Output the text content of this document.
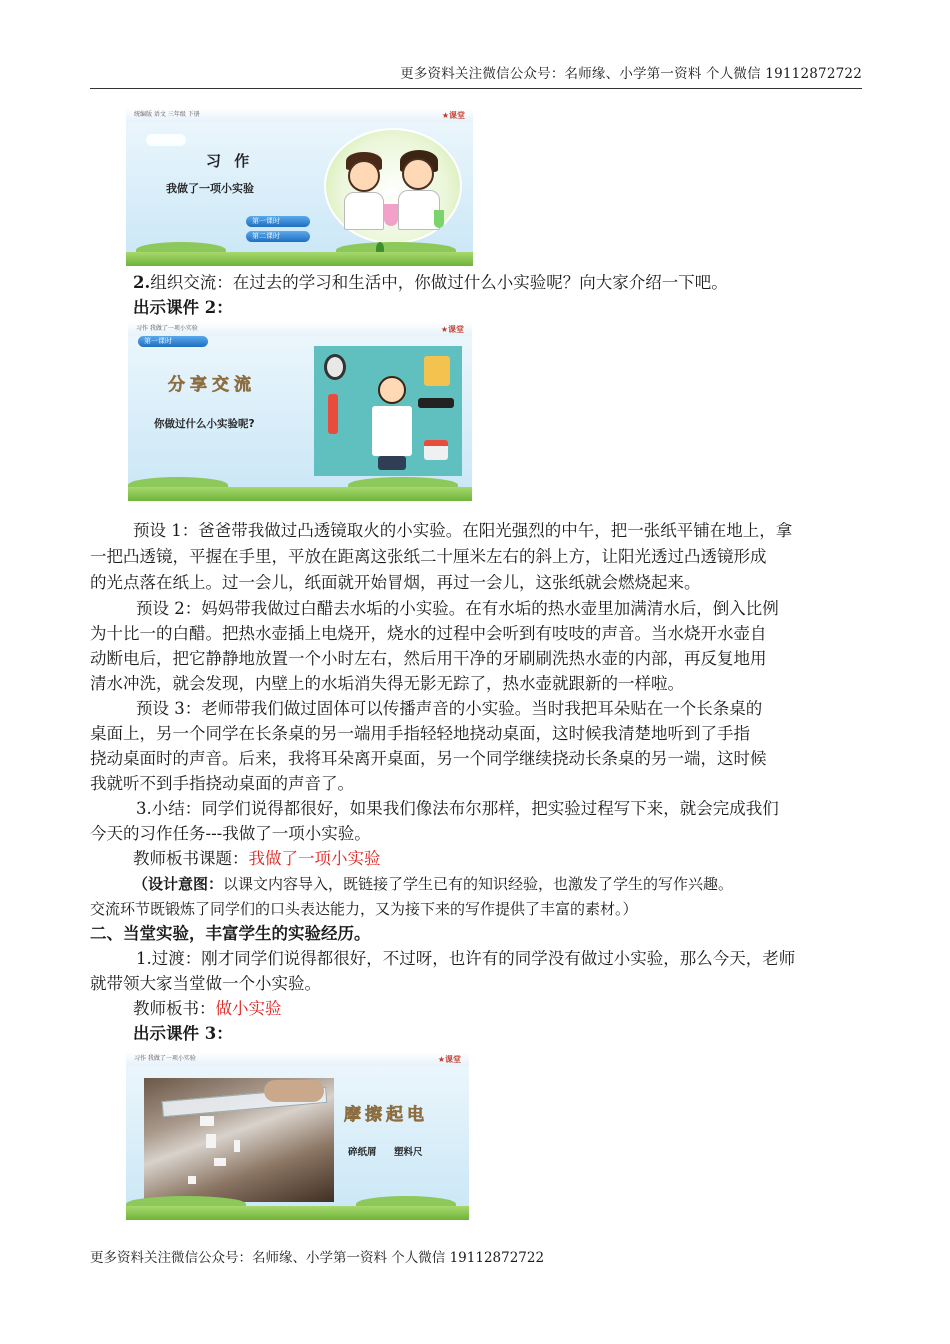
更多资料关注微信公众号：名师缘、小学第一资料 个人微信 19112872722
统编版 语文 三年级 下册	★课堂
习 作
我做了一项小实验
第一课时
第二课时
2.组织交流：在过去的学习和生活中，你做过什么小实验呢？向大家介绍一下吧。
出示课件 2：
习作 我做了一项小实验	★课堂
第一课时
分享交流
你做过什么小实验呢?
预设 1：爸爸带我做过凸透镜取火的小实验。在阳光强烈的中午，把一张纸平铺在地上，拿
一把凸透镜，平握在手里，平放在距离这张纸二十厘米左右的斜上方，让阳光透过凸透镜形成
的光点落在纸上。过一会儿，纸面就开始冒烟，再过一会儿，这张纸就会燃烧起来。
预设 2：妈妈带我做过白醋去水垢的小实验。在有水垢的热水壶里加满清水后，倒入比例
为十比一的白醋。把热水壶插上电烧开，烧水的过程中会听到有吱吱的声音。当水烧开水壶自
动断电后，把它静静地放置一个小时左右，然后用干净的牙刷刷洗热水壶的内部，再反复地用
清水冲洗，就会发现，内壁上的水垢消失得无影无踪了，热水壶就跟新的一样啦。
预设 3：老师带我们做过固体可以传播声音的小实验。当时我把耳朵贴在一个长条桌的
桌面上，另一个同学在长条桌的另一端用手指轻轻地挠动桌面，这时候我清楚地听到了手指
挠动桌面时的声音。后来，我将耳朵离开桌面，另一个同学继续挠动长条桌的另一端，这时候
我就听不到手指挠动桌面的声音了。
3.小结：同学们说得都很好，如果我们像法布尔那样，把实验过程写下来，就会完成我们
今天的习作任务---我做了一项小实验。
教师板书课题：我做了一项小实验
（设计意图：以课文内容导入，既链接了学生已有的知识经验，也激发了学生的写作兴趣。
交流环节既锻炼了同学们的口头表达能力，又为接下来的写作提供了丰富的素材。）
二、当堂实验，丰富学生的实验经历。
1.过渡：刚才同学们说得都很好，不过呀，也许有的同学没有做过小实验，那么今天，老师
就带领大家当堂做一个小实验。
教师板书：做小实验
出示课件 3：
习作 我做了一项小实验	★课堂
摩擦起电
碎纸屑 塑料尺
更多资料关注微信公众号：名师缘、小学第一资料 个人微信 19112872722
